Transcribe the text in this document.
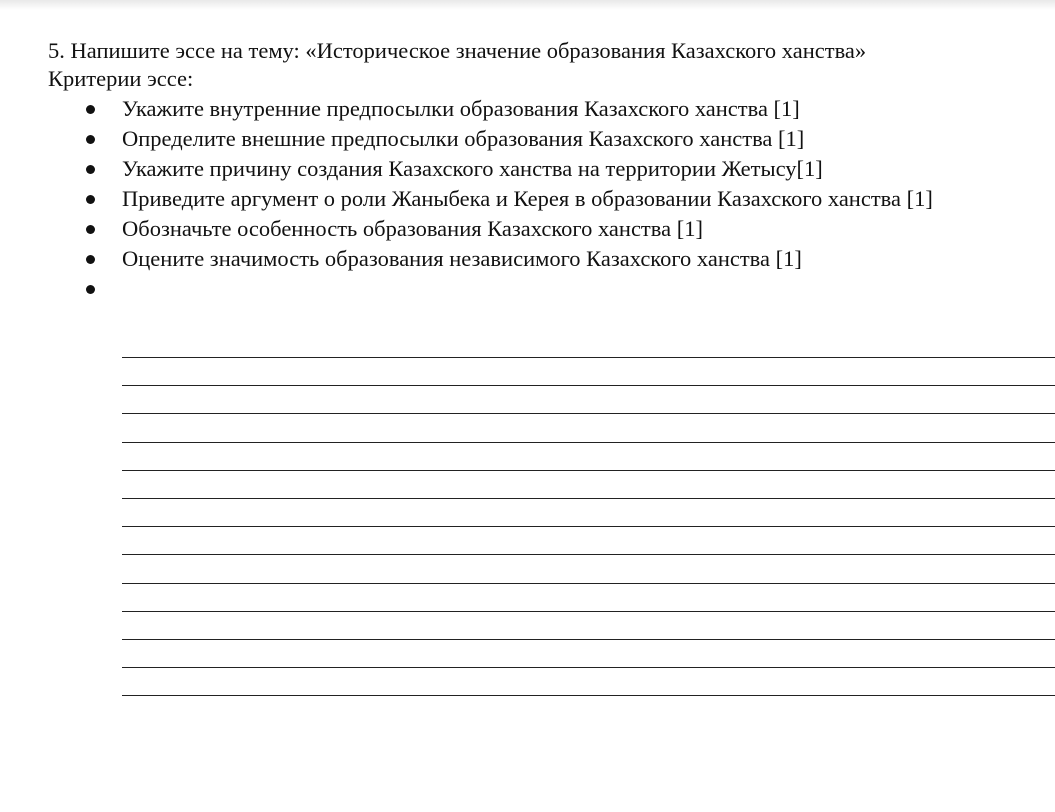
5. Напишите эссе на тему: «Историческое значение образования Казахского ханства»
Критерии эссе:
Укажите внутренние предпосылки образования Казахского ханства [1]
Определите внешние предпосылки образования Казахского ханства [1]
Укажите причину создания Казахского ханства на территории Жетысу[1]
Приведите аргумент о роли Жаныбека и Керея в образовании Казахского ханства [1]
Обозначьте особенность образования Казахского ханства [1]
Оцените значимость образования независимого Казахского ханства [1]
